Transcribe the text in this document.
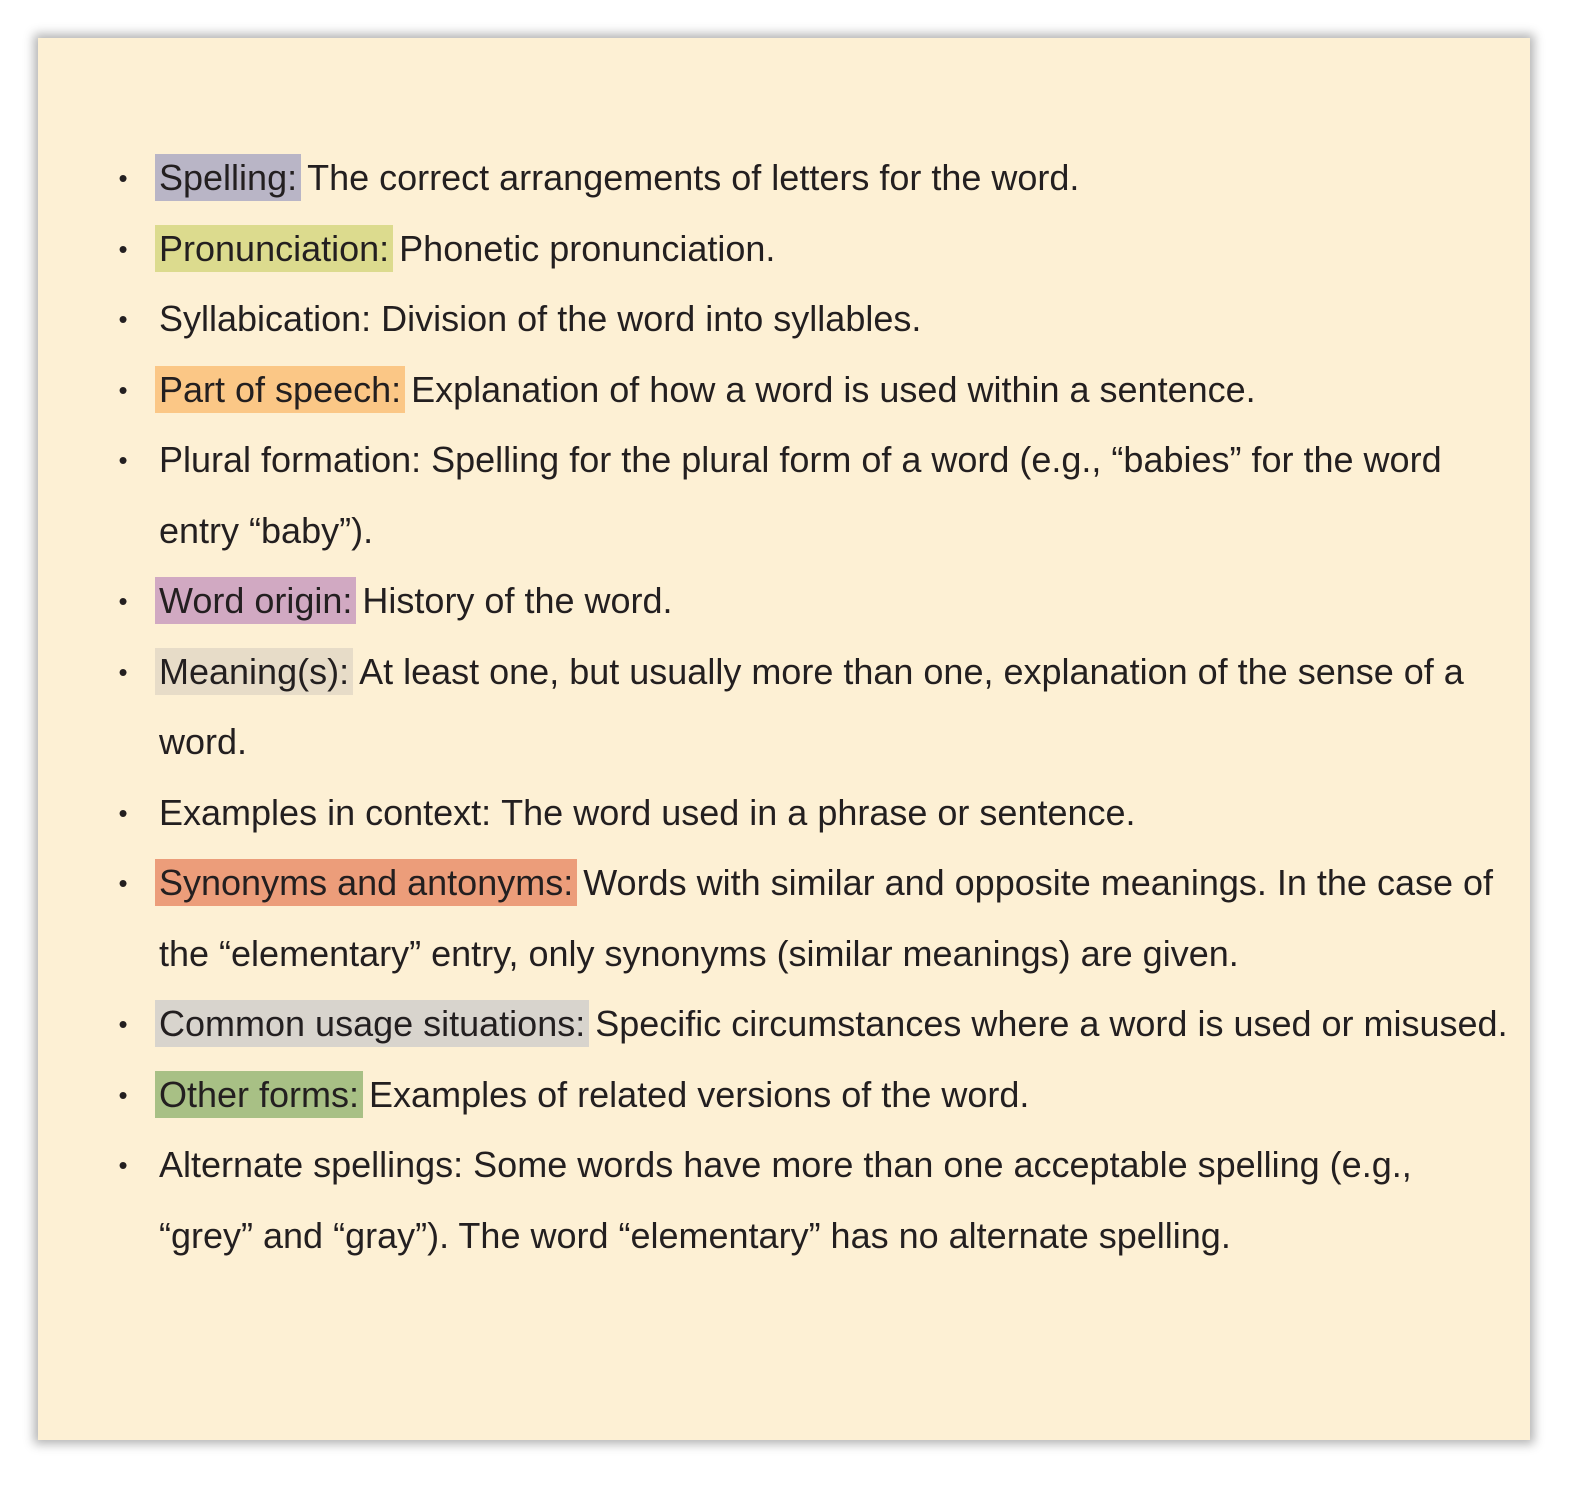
• Spelling: The correct arrangements of letters for the word.
• Pronunciation: Phonetic pronunciation.
• Syllabication: Division of the word into syllables.
• Part of speech: Explanation of how a word is used within a sentence.
• Plural formation: Spelling for the plural form of a word (e.g., “babies” for the word entry “baby”).
• Word origin: History of the word.
• Meaning(s): At least one, but usually more than one, explanation of the sense of a word.
• Examples in context: The word used in a phrase or sentence.
• Synonyms and antonyms: Words with similar and opposite meanings. In the case of the “elementary” entry, only synonyms (similar meanings) are given.
• Common usage situations: Specific circumstances where a word is used or misused.
• Other forms: Examples of related versions of the word.
• Alternate spellings: Some words have more than one acceptable spelling (e.g., “grey” and “gray”). The word “elementary” has no alternate spelling.
